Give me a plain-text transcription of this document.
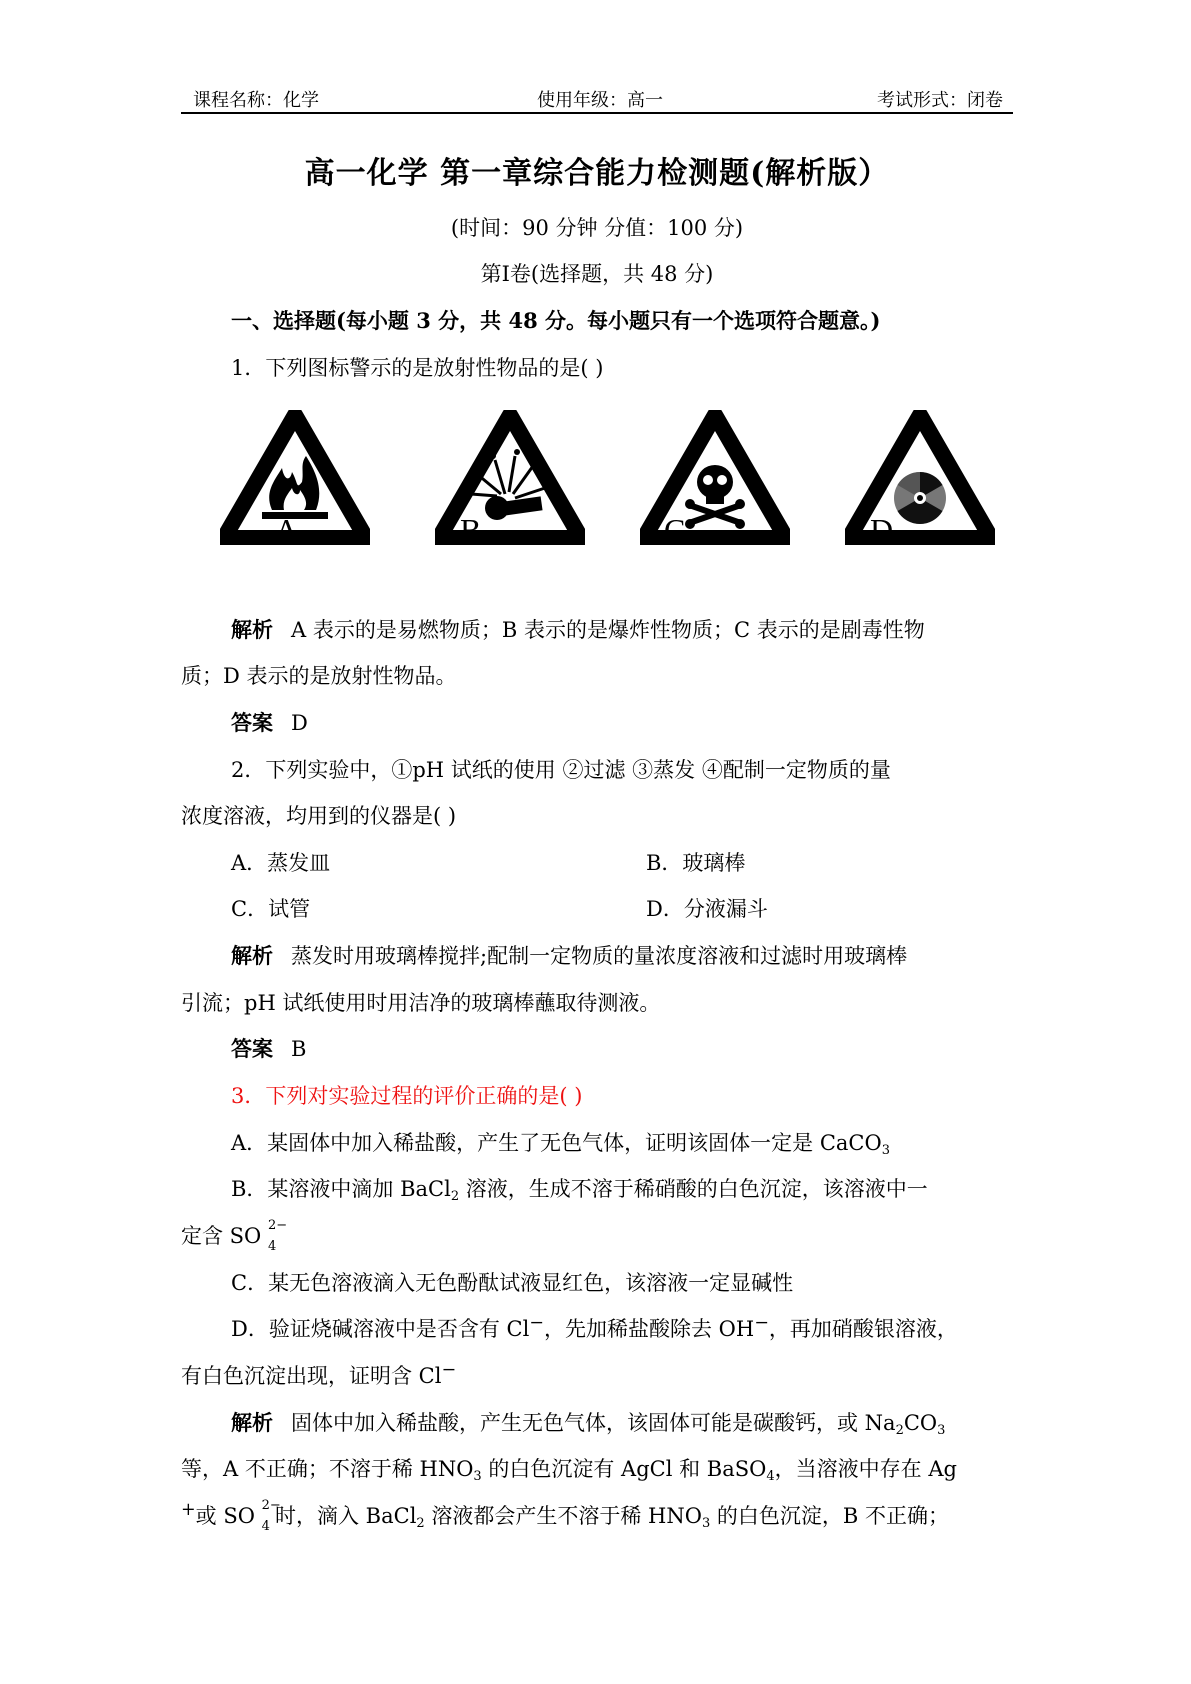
课程名称：化学	使用年级：高一	考试形式：闭卷
高一化学 第一章综合能力检测题(解析版）
(时间：90 分钟 分值：100 分)
第Ⅰ卷(选择题，共 48 分)
一、选择题(每小题 3 分，共 48 分。每小题只有一个选项符合题意。)
1．下列图标警示的是放射性物品的是( )
A.	B.	C.	D.
解析 A 表示的是易燃物质；B 表示的是爆炸性物质；C 表示的是剧毒性物
质；D 表示的是放射性物品。
答案 D
2．下列实验中，①pH 试纸的使用 ②过滤 ③蒸发 ④配制一定物质的量
浓度溶液，均用到的仪器是( )
A．蒸发皿	B．玻璃棒
C．试管	D．分液漏斗
解析 蒸发时用玻璃棒搅拌;配制一定物质的量浓度溶液和过滤时用玻璃棒
引流；pH 试纸使用时用洁净的玻璃棒蘸取待测液。
答案 B
3．下列对实验过程的评价正确的是( )
A．某固体中加入稀盐酸，产生了无色气体，证明该固体一定是 CaCO$_3$
B．某溶液中滴加 BaCl$_2$ 溶液，生成不溶于稀硝酸的白色沉淀，该溶液中一
定含 SO 2−
4
C．某无色溶液滴入无色酚酞试液显红色，该溶液一定显碱性
D．验证烧碱溶液中是否含有 Cl−，先加稀盐酸除去 OH−，再加硝酸银溶液，
有白色沉淀出现，证明含 Cl−
解析 固体中加入稀盐酸，产生无色气体，该固体可能是碳酸钙，或 $Na_2CO_3$
等，A 不正确；不溶于稀 $HNO_3$ 的白色沉淀有 AgCl 和 BaSO$_4$，当溶液中存在 Ag
+或 SO 2−
4 时，滴入 BaCl$_2$ 溶液都会产生不溶于稀 $HNO_3$ 的白色沉淀，B 不正确；
